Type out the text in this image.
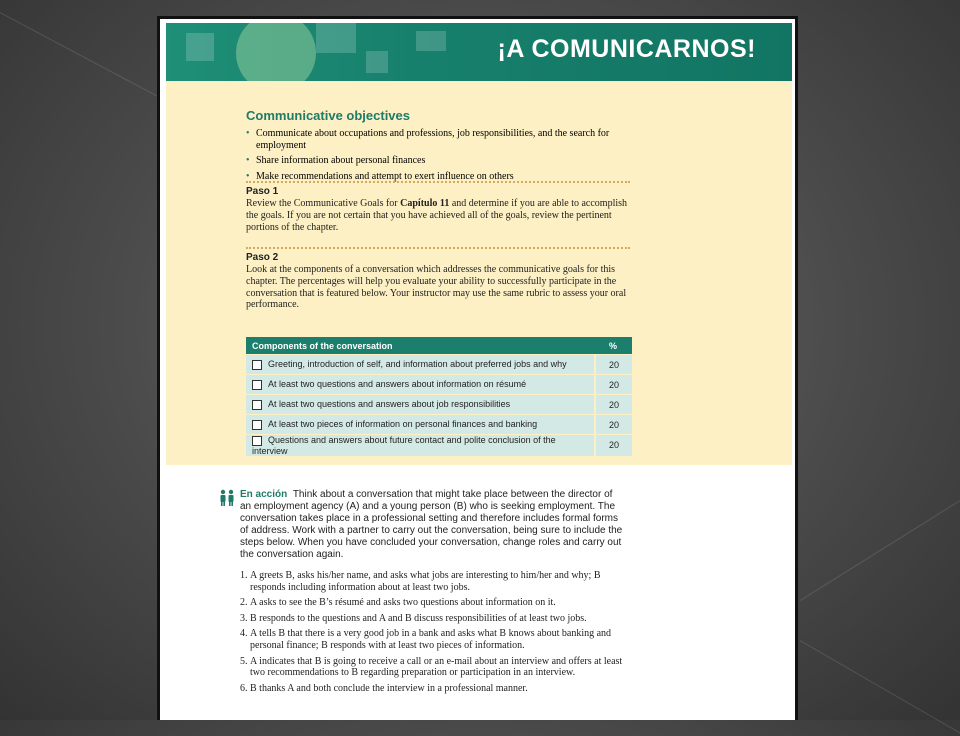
¡A COMUNICARNOS!
Communicative objectives
• Communicate about occupations and professions, job responsibilities, and the search for employment
• Share information about personal finances
• Make recommendations and attempt to exert influence on others
Paso 1
Review the Communicative Goals for Capítulo 11 and determine if you are able to accomplish the goals. If you are not certain that you have achieved all of the goals, review the pertinent portions of the chapter.
Paso 2
Look at the components of a conversation which addresses the communicative goals for this chapter. The percentages will help you evaluate your ability to successfully participate in the conversation that is featured below. Your instructor may use the same rubric to assess your oral performance.
Components of the conversation	%
Greeting, introduction of self, and information about preferred jobs and why	20
At least two questions and answers about information on résumé	20
At least two questions and answers about job responsibilities	20
At least two pieces of information on personal finances and banking	20
Questions and answers about future contact and polite conclusion of the interview	20
En acción Think about a conversation that might take place between the director of an employment agency (A) and a young person (B) who is seeking employment. The conversation takes place in a professional setting and therefore includes formal forms of address. Work with a partner to carry out the conversation, being sure to include the steps below. When you have concluded your conversation, change roles and carry out the conversation again.
1. A greets B, asks his/her name, and asks what jobs are interesting to him/her and why; B responds including information about at least two jobs.
2. A asks to see the B’s résumé and asks two questions about information on it.
3. B responds to the questions and A and B discuss responsibilities of at least two jobs.
4. A tells B that there is a very good job in a bank and asks what B knows about banking and personal finance; B responds with at least two pieces of information.
5. A indicates that B is going to receive a call or an e-mail about an interview and offers at least two recommendations to B regarding preparation or participation in an interview.
6. B thanks A and both conclude the interview in a professional manner.
